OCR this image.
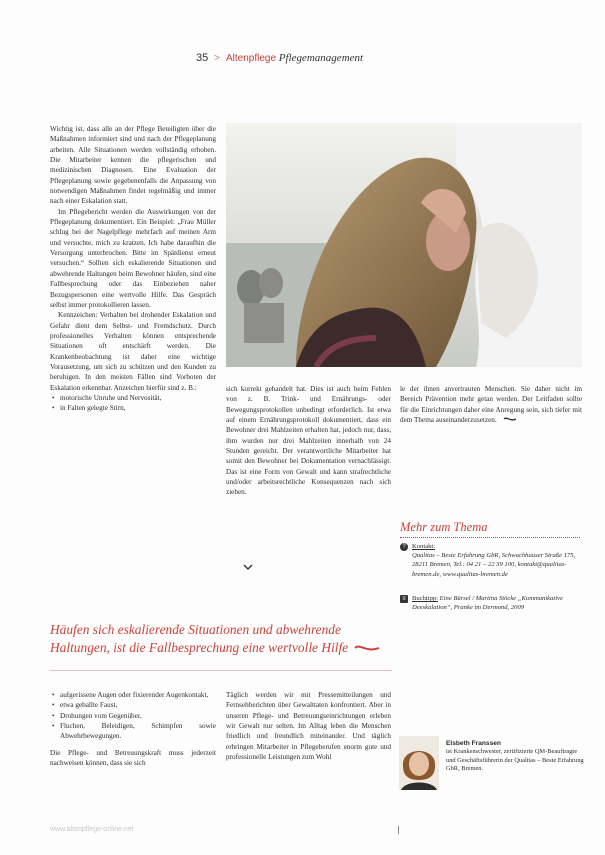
35 > Altenpflege Pflegemanagement

Wichtig ist, dass alle an der Pflege Beteiligten über die Maßnahmen informiert sind und nach der Pflegeplanung arbeiten. Alle Situationen werden vollständig erhoben. Die Mitarbeiter kennen die pflegerischen und medizinischen Diagnosen. Eine Evaluation der Pflegeplanung sowie gegebenenfalls die Anpassung von notwendigen Maßnahmen findet regelmäßig und immer nach einer Eskalation statt.

Im Pflegebericht werden die Auswirkungen von der Pflegeplanung dokumentiert. Ein Beispiel: „Frau Müller schlug bei der Nagelpflege mehrfach auf meinen Arm und versuchte, mich zu kratzen. Ich habe daraufhin die Versorgung unterbrochen. Bitte im Spätdienst erneut versuchen.“ Sollten sich eskalierende Situationen und abwehrende Haltungen beim Bewohner häufen, sind eine Fallbesprechung oder das Einbeziehen naher Bezugspersonen eine wertvolle Hilfe. Das Gespräch selbst immer protokollieren lassen.

Kennzeichen: Verhalten bei drohender Eskalation und Gefahr dient dem Selbst- und Fremdschutz. Durch professionelles Verhalten können entsprechende Situationen oft entschärft werden. Die Krankenbeobachtung ist daher eine wichtige Vorausetzung, um sich zu schützen und den Kunden zu beruhigen. In den meisten Fällen sind Vorboten der Eskalation erkennbar. Anzeichen hierfür sind z. B.:

• motorische Unruhe und Nervosität,
• in Falten gelegte Stirn,

sich korrekt gehandelt hat. Dies ist auch beim Fehlen von z. B. Trink- und Ernährungs- oder Bewegungsprotokollen unbedingt erforderlich. Ist etwa auf einem Ernährungsprotokoll dokumentiert, dass ein Bewohner drei Mahlzeiten erhalten hat, jedoch nur, dass, ihm wurden nur drei Mahlzeiten innerhalb von 24 Stunden gereicht. Der verantwortliche Mitarbeiter hat somit den Bewohner bei Dokumentation vernachlässigt. Das ist eine Form von Gewalt und kann strafrechtliche und/oder arbeitsrechtliche Konsequenzen nach sich ziehen.

le der ihnen anvertrauten Menschen. Sie daher nicht im Bereich Prävention mehr getan werden. Der Leitfaden sollte für die Einrichtungen daher eine Anregung sein, sich tiefer mit dem Thema auseinanderzusetzen.

Mehr zum Thema
? Kontakt:
Qualitas – Beste Erfahrung GbR, Schwachhauser Straße 175, 28211 Bremen, Tel.: 04 21 – 22 39 100, kontakt@qualitas-bremen.de, www.qualitas-bremen.de
≡ Buchtipp: Eine Bürsel / Martina Stöcke „Kommunikative Deeskalation“, Pranke im Dermond, 2009
Häufen sich eskalierende Situationen und abwehrende Haltungen, ist die Fallbesprechung eine wertvolle Hilfe
• aufgerissene Augen oder fixierender Augenkontakt,
• etwa geballte Faust,
• Drohungen vom Gegenüber,
• Fluchen, Beleidigen, Schimpfen sowie Abwehrbewegungen.

Die Pflege- und Betreuungskraft muss jederzeit nachweisen können, dass sie sich

Täglich werden wir mit Pressemitteilungen und Fernsehberichten über Gewalttaten konfrontiert. Aber in unseren Pflege- und Betreuungseinrichtungen erleben wir Gewalt nur selten. Im Alltag leben die Menschen friedlich und freundlich miteinander. Und täglich erbringen Mitarbeiter in Pflegeberufen enorm gute und professionelle Leistungen zum Wohl

Elsbeth Franssen
ist Krankenschwester, zertifizierte QM-Beauftragte und Geschäftsführerin der Qualitas – Beste Erfahrung GbR, Bremen.
www.altenpflege-online.net
